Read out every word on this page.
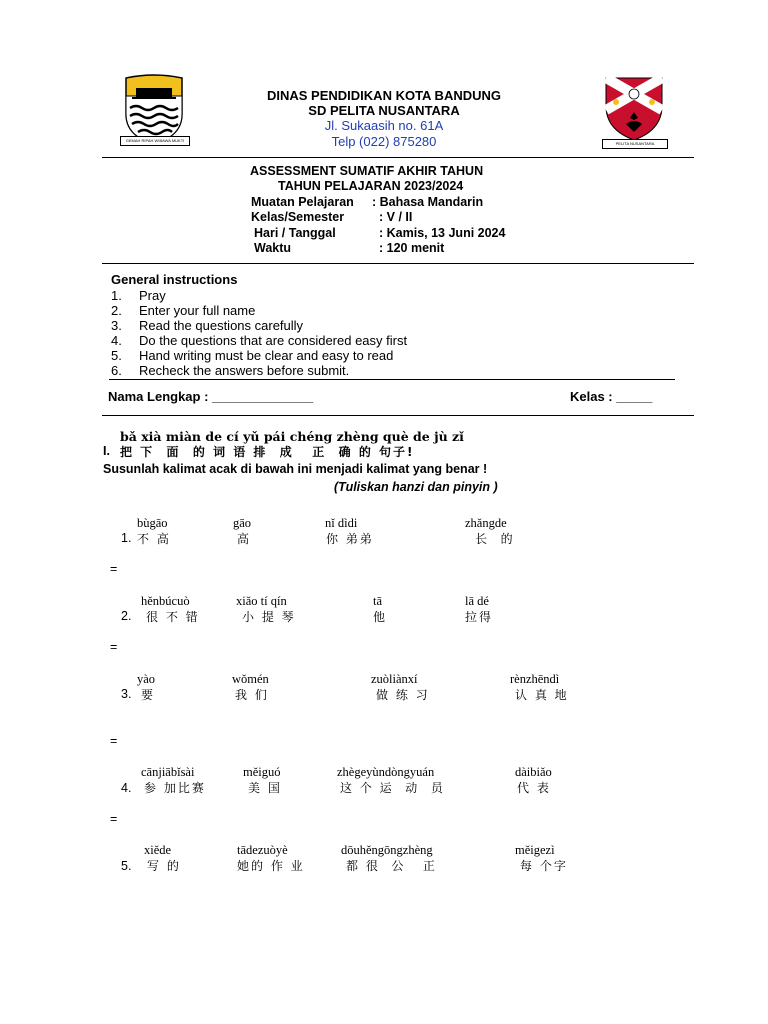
GEMAH RIPAH WIBAWA MUKTI
PELITA NUSANTARA
DINAS PENDIDIKAN KOTA BANDUNG
SD PELITA NUSANTARA
Jl. Sukaasih no. 61A
Telp (022) 875280
ASSESSMENT SUMATIF AKHIR TAHUN
TAHUN PELAJARAN 2023/2024
Muatan Pelajaran : Bahasa Mandarin
Kelas/Semester	: V / II
Hari / Tanggal	: Kamis, 13 Juni 2024
Waktu	: 120 menit
General instructions
1. Pray
2. Enter your full name
3. Read the questions carefully
4. Do the questions that are considered easy first
5. Hand writing must be clear and easy to read
6. Recheck the answers before submit.
Nama Lengkap : ______________	Kelas : _____
bǎ xià miàn de cí yǔ pái chéng zhèng què de jù zǐ
I. 把 下  面  的 词 语 排  成   正  确 的 句子!
Susunlah kalimat acak di bawah ini menjadi kalimat yang benar !
(Tuliskan hanzi dan pinyin )
bùgāo	gāo	nǐ dìdi	zhǎngde
1. 不 高	高	你 弟弟	长  的
=
hěnbúcuò	xiǎo tí qín	tā	lā dé
2. 很 不 错	小 提 琴	他	拉得
=
yào	wǒmén	zuòliànxí	rènzhēndì
3. 要	我 们	做 练 习	认 真 地
=
cānjiābǐsài	měiguó	zhègeyùndòngyuán	dàibiǎo
4. 参 加比赛	美 国	这 个 运  动  员	代 表
=
xiěde	tādezuòyè	dōuhěngōngzhèng	měigezì
5. 写 的	她的 作 业	都 很  公   正	每 个字
